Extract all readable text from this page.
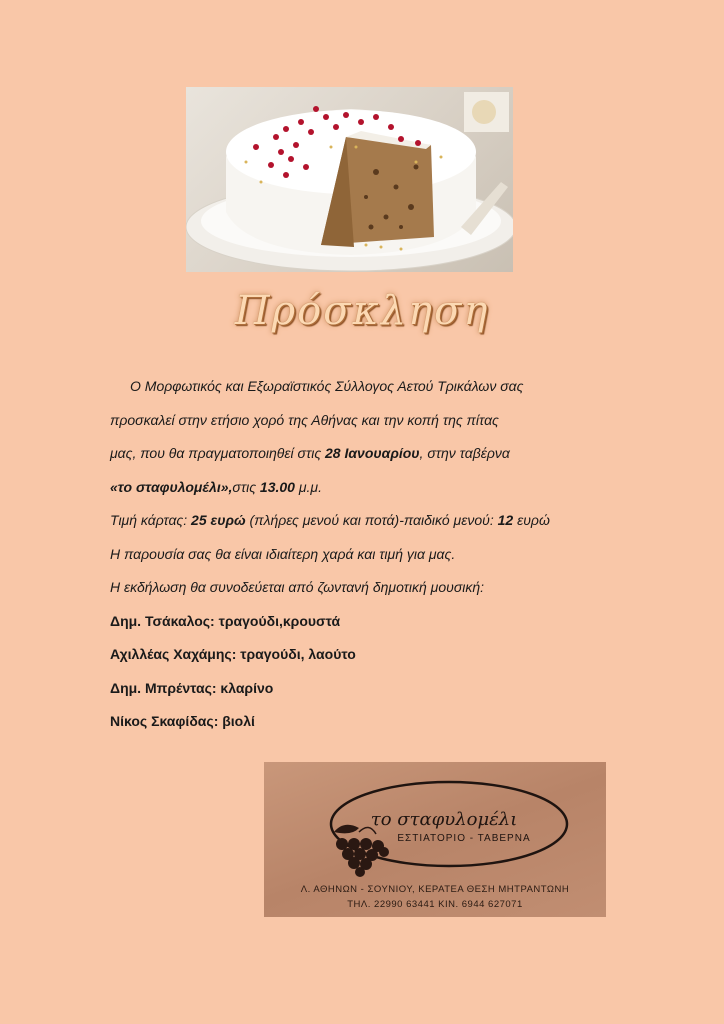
Πρόσκληση
Ο Μορφωτικός και Εξωραϊστικός Σύλλογος Αετού Τρικάλων σας
προσκαλεί στην ετήσιο χορό της Αθήνας και την κοπή της πίτας
μας, που θα πραγματοποιηθεί στις 28 Ιανουαρίου, στην ταβέρνα
«το σταφυλομέλι»,στις 13.00 μ.μ.
Τιμή κάρτας: 25 ευρώ (πλήρες μενού και ποτά)-παιδικό μενού: 12 ευρώ
Η παρουσία σας θα είναι ιδιαίτερη χαρά και τιμή για μας.
Η εκδήλωση θα συνοδεύεται από ζωντανή δημοτική μουσική:
Δημ. Τσάκαλος: τραγούδι,κρουστά
Αχιλλέας Χαχάμης: τραγούδι, λαούτο
Δημ. Μπρέντας: κλαρίνο
Νίκος Σκαφίδας: βιολί
το σταφυλομέλι
ΕΣΤΙΑΤΟΡΙΟ - ΤΑΒΕΡΝΑ
Λ. ΑΘΗΝΩΝ - ΣΟΥΝΙΟΥ, ΚΕΡΑΤΕΑ ΘΕΣΗ ΜΗΤΡΑΝΤΩΝΗ
ΤΗΛ. 22990 63441 ΚΙΝ. 6944 627071
